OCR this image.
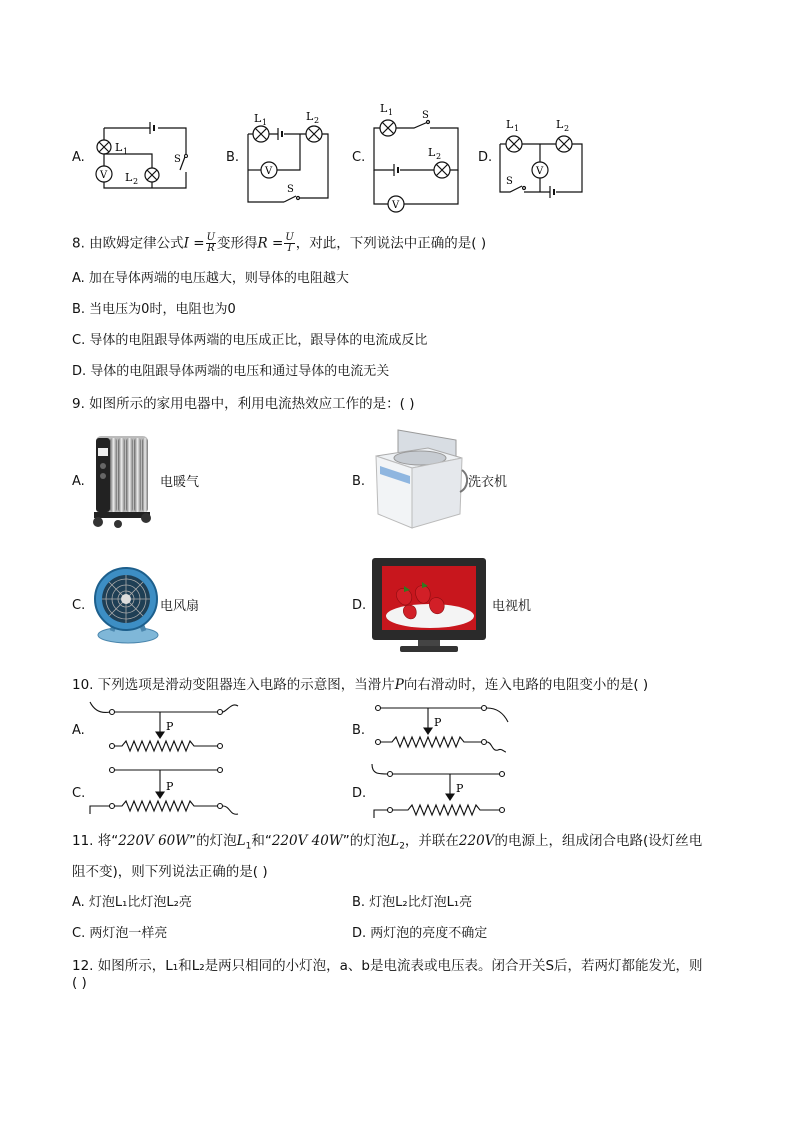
A.
L 1
V L 2
S	B.
L 1	L 2
V
S
C.
L 1	S
L 2
V
D.
L 1	L 2
V
S
8. 由欧姆定律公式$I = \frac{U}{R}$ 变形得$R = \frac{U}{I}$ ，对此，下列说法中正确的是( )
A. 加在导体两端的电压越大，则导体的电阻越大
B. 当电压为0时，电阻也为0
C. 导体的电阻跟导体两端的电压成正比，跟导体的电流成反比
D. 导体的电阻跟导体两端的电压和通过导体的电流无关
9. 如图所示的家用电器中，利用电流热效应工作的是：( )
A.	电暖气	B.	洗衣机
C.	电风扇	D.	电视机
10. 下列选项是滑动变阻器连入电路的示意图，当滑片P向右滑动时，连入电路的电阻变小的是( )
A.	P	B.
P
C.	P	D.	P
11. 将“220V 60W”的灯泡$L_1$和“220V 40W”的灯泡$L_2$，并联在220V的电源上，组成闭合电路(设灯丝电
阻不变)，则下列说法正确的是( )
A. 灯泡L₁比灯泡L₂亮	B. 灯泡L₂比灯泡L₁亮
C. 两灯泡一样亮	D. 两灯泡的亮度不确定
12. 如图所示，L₁和L₂是两只相同的小灯泡，a、b是电流表或电压表。闭合开关S后，若两灯都能发光，则
( )
